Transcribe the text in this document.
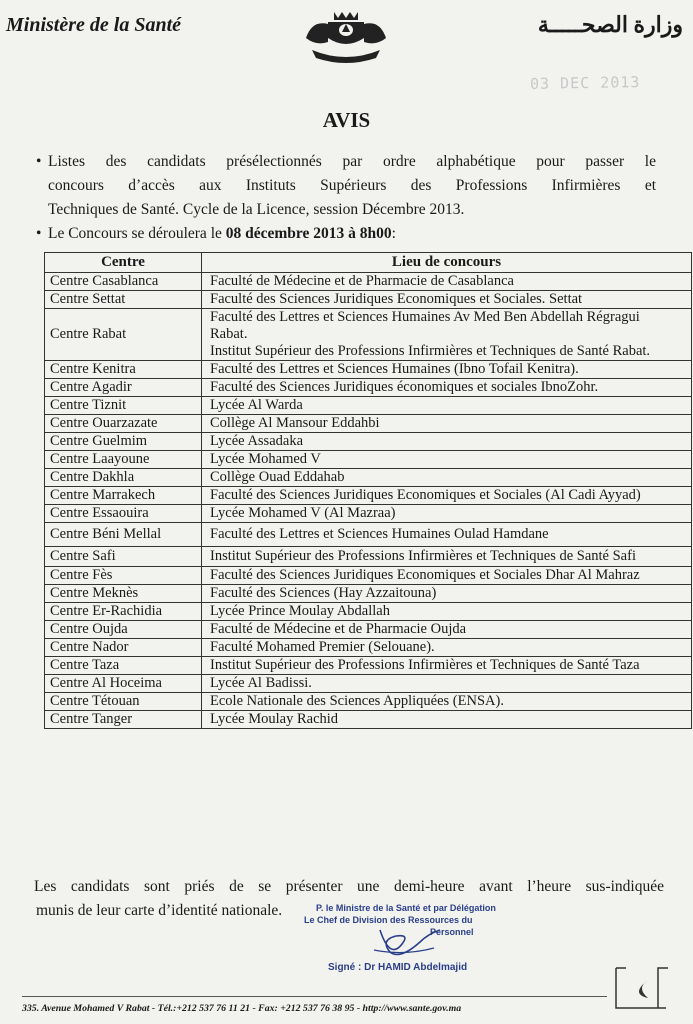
Ministère de la Santé	وزارة الصحـــــة
03 DEC 2013
AVIS
• Listes des candidats présélectionnés par ordre alphabétique pour passer le
concours d’accès aux Instituts Supérieurs des Professions Infirmières et
Techniques de Santé. Cycle de la Licence, session Décembre 2013.
• Le Concours se déroulera le 08 décembre 2013 à 8h00:
Centre	Lieu de concours
Centre Casablanca	Faculté de Médecine et de Pharmacie de Casablanca

Centre Settat	Faculté des Sciences Juridiques Economiques et Sociales. Settat

Centre Rabat	Faculté des Lettres et Sciences Humaines Av Med Ben Abdellah Régragui
Rabat.
Institut Supérieur des Professions Infirmières et Techniques de Santé Rabat.

Centre Kenitra	Faculté des Lettres et Sciences Humaines (Ibno Tofail Kenitra).

Centre Agadir	Faculté des Sciences Juridiques économiques et sociales IbnoZohr.

Centre Tiznit	Lycée Al Warda

Centre Ouarzazate	Collège Al Mansour Eddahbi

Centre Guelmim	Lycée Assadaka

Centre Laayoune	Lycée Mohamed V

Centre Dakhla	Collège Ouad Eddahab

Centre Marrakech	Faculté des Sciences Juridiques Economiques et Sociales (Al Cadi Ayyad)

Centre Essaouira	Lycée Mohamed V (Al Mazraa)

Centre Béni Mellal	Faculté des Lettres et Sciences Humaines Oulad Hamdane

Centre Safi	Institut Supérieur des Professions Infirmières et Techniques de Santé Safi

Centre Fès	Faculté des Sciences Juridiques Economiques et Sociales Dhar Al Mahraz

Centre Meknès	Faculté des Sciences (Hay Azzaitouna)

Centre Er-Rachidia	Lycée Prince Moulay Abdallah

Centre Oujda	Faculté de Médecine et de Pharmacie Oujda

Centre Nador	Faculté Mohamed Premier (Selouane).

Centre Taza	Institut Supérieur des Professions Infirmières et Techniques de Santé Taza

Centre Al Hoceima	Lycée Al Badissi.

Centre Tétouan	Ecole Nationale des Sciences Appliquées (ENSA).

Centre Tanger	Lycée Moulay Rachid
Les candidats sont priés de se présenter une demi-heure avant l’heure sus-indiquée
munis de leur carte d’identité nationale.	P. le Ministre de la Santé et par Délégation
Le Chef de Division des Ressources du
Personnel
Signé : Dr HAMID Abdelmajid
335. Avenue Mohamed V Rabat - Tél.:+212 537 76 11 21 - Fax: +212 537 76 38 95 - http://www.sante.gov.ma
